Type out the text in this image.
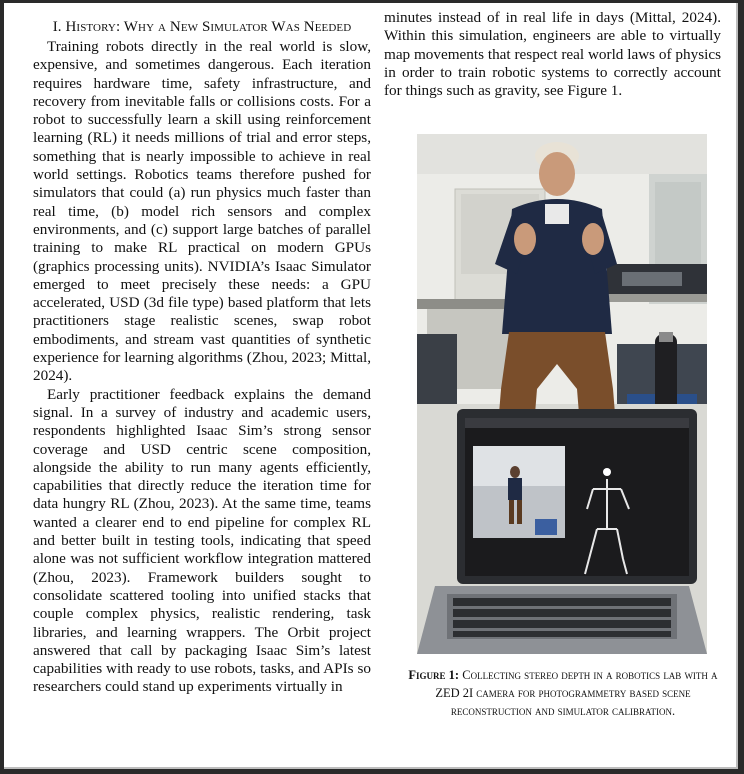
I. History: Why a New Simulator Was Needed

Training robots directly in the real world is slow, expensive, and sometimes dangerous. Each iteration requires hardware time, safety infrastructure, and recovery from inevitable falls or collisions costs. For a robot to successfully learn a skill using reinforcement learning (RL) it needs millions of trial and error steps, something that is nearly impossible to achieve in real world settings. Robotics teams therefore pushed for simulators that could (a) run physics much faster than real time, (b) model rich sensors and complex environments, and (c) support large batches of parallel training to make RL practical on modern GPUs (graphics processing units). NVIDIA’s Isaac Simulator emerged to meet precisely these needs: a GPU accelerated, USD (3d file type) based platform that lets practitioners stage realistic scenes, swap robot embodiments, and stream vast quantities of synthetic experience for learning algorithms (Zhou, 2023; Mittal, 2024).

Early practitioner feedback explains the demand signal. In a survey of industry and academic users, respondents highlighted Isaac Sim’s strong sensor coverage and USD centric scene composition, alongside the ability to run many agents efficiently, capabilities that directly reduce the iteration time for data hungry RL (Zhou, 2023). At the same time, teams wanted a clearer end to end pipeline for complex RL and better built in testing tools, indicating that speed alone was not sufficient workflow integration mattered (Zhou, 2023). Framework builders sought to consolidate scattered tooling into unified stacks that couple complex physics, realistic rendering, task libraries, and learning wrappers. The Orbit project answered that call by packaging Isaac Sim’s latest capabilities with ready to use robots, tasks, and APIs so researchers could stand up experiments virtually in

minutes instead of in real life in days (Mittal, 2024). Within this simulation, engineers are able to virtually map movements that respect real world laws of physics in order to train robotic systems to correctly account for things such as gravity, see Figure 1.

Figure 1: Collecting stereo depth in a robotics lab with a ZED 2I camera for photogrammetry based scene reconstruction and simulator calibration.
